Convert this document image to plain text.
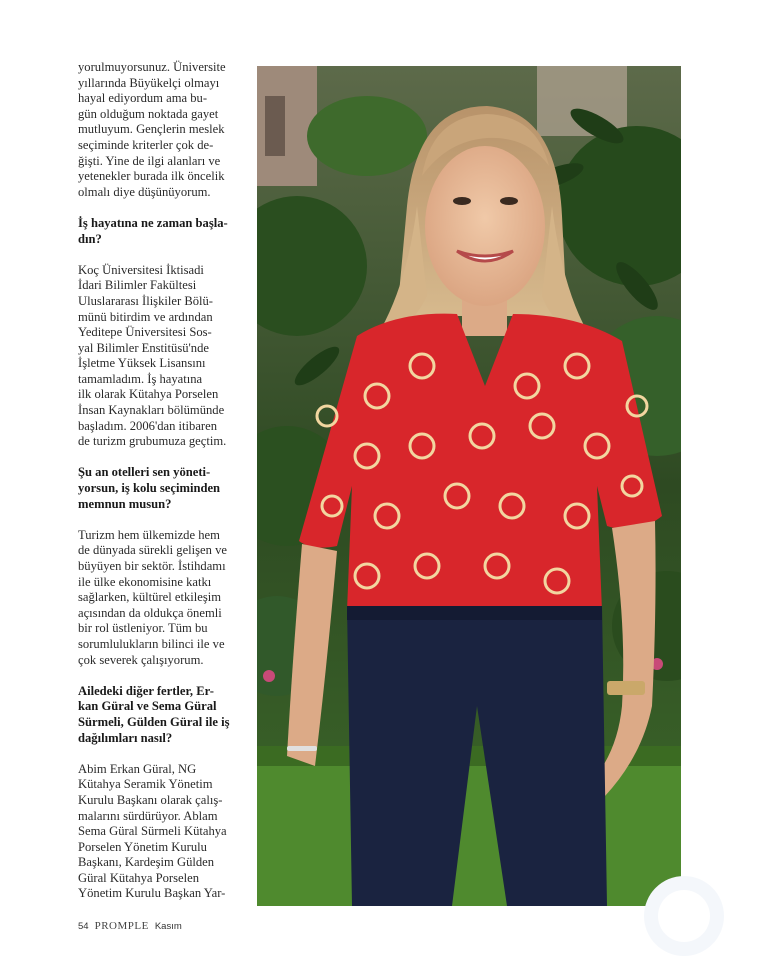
yorulmuyorsunuz. Üniversite

yıllarında Büyükelçi olmayı

hayal ediyordum ama bu-

gün olduğum noktada gayet

mutluyum. Gençlerin meslek

seçiminde kriterler çok de-

ğişti. Yine de ilgi alanları ve

yetenekler burada ilk öncelik

olmalı diye düşünüyorum.

İş hayatına ne zaman başla-

dın?

Koç Üniversitesi İktisadi

İdari Bilimler Fakültesi

Uluslararası İlişkiler Bölü-

münü bitirdim ve ardından

Yeditepe Üniversitesi Sos-

yal Bilimler Enstitüsü'nde

İşletme Yüksek Lisansını

tamamladım. İş hayatına

ilk olarak Kütahya Porselen

İnsan Kaynakları bölümünde

başladım. 2006'dan itibaren

de turizm grubumuza geçtim.

Şu an otelleri sen yöneti-

yorsun, iş kolu seçiminden

memnun musun?

Turizm hem ülkemizde hem

de dünyada sürekli gelişen ve

büyüyen bir sektör. İstihdamı

ile ülke ekonomisine katkı

sağlarken, kültürel etkileşim

açısından da oldukça önemli

bir rol üstleniyor. Tüm bu

sorumlulukların bilinci ile ve

çok severek çalışıyorum.

Ailedeki diğer fertler, Er-

kan Güral ve Sema Güral

Sürmeli, Gülden Güral ile iş

dağılımları nasıl?

Abim Erkan Güral, NG

Kütahya Seramik Yönetim

Kurulu Başkanı olarak çalış-

malarını sürdürüyor. Ablam

Sema Güral Sürmeli Kütahya

Porselen Yönetim Kurulu

Başkanı, Kardeşim Gülden

Güral Kütahya Porselen

Yönetim Kurulu Başkan Yar-

54 PROMPLE Kasım
